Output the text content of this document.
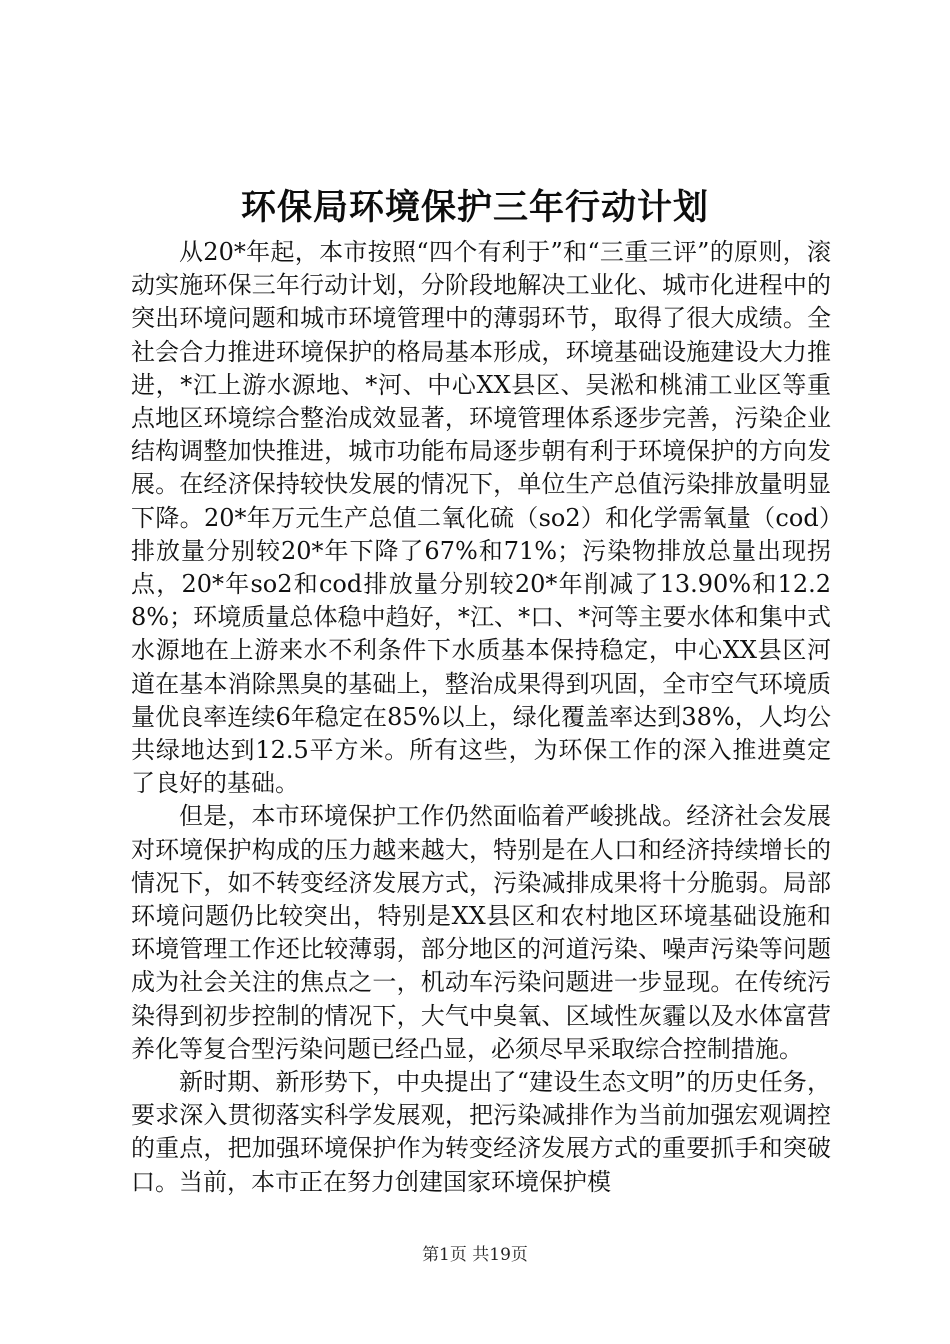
环保局环境保护三年行动计划

从20*年起，本市按照“四个有利于”和“三重三评”的原则，滚动实施环保三年行动计划，分阶段地解决工业化、城市化进程中的突出环境问题和城市环境管理中的薄弱环节，取得了很大成绩。全社会合力推进环境保护的格局基本形成，环境基础设施建设大力推进，*江上游水源地、*河、中心XX县区、吴淞和桃浦工业区等重点地区环境综合整治成效显著，环境管理体系逐步完善，污染企业结构调整加快推进，城市功能布局逐步朝有利于环境保护的方向发展。在经济保持较快发展的情况下，单位生产总值污染排放量明显下降。20*年万元生产总值二氧化硫（so2）和化学需氧量（cod）排放量分别较20*年下降了67%和71%；污染物排放总量出现拐点，20*年so2和cod排放量分别较20*年削减了13.90%和12.28%；环境质量总体稳中趋好，*江、*口、*河等主要水体和集中式水源地在上游来水不利条件下水质基本保持稳定，中心XX县区河道在基本消除黑臭的基础上，整治成果得到巩固，全市空气环境质量优良率连续6年稳定在85%以上，绿化覆盖率达到38%，人均公共绿地达到12.5平方米。所有这些，为环保工作的深入推进奠定了良好的基础。

但是，本市环境保护工作仍然面临着严峻挑战。经济社会发展对环境保护构成的压力越来越大，特别是在人口和经济持续增长的情况下，如不转变经济发展方式，污染减排成果将十分脆弱。局部环境问题仍比较突出，特别是XX县区和农村地区环境基础设施和环境管理工作还比较薄弱，部分地区的河道污染、噪声污染等问题成为社会关注的焦点之一，机动车污染问题进一步显现。在传统污染得到初步控制的情况下，大气中臭氧、区域性灰霾以及水体富营养化等复合型污染问题已经凸显，必须尽早采取综合控制措施。

新时期、新形势下，中央提出了“建设生态文明”的历史任务，要求深入贯彻落实科学发展观，把污染减排作为当前加强宏观调控的重点，把加强环境保护作为转变经济发展方式的重要抓手和突破口。当前，本市正在努力创建国家环境保护模

第1页 共19页
